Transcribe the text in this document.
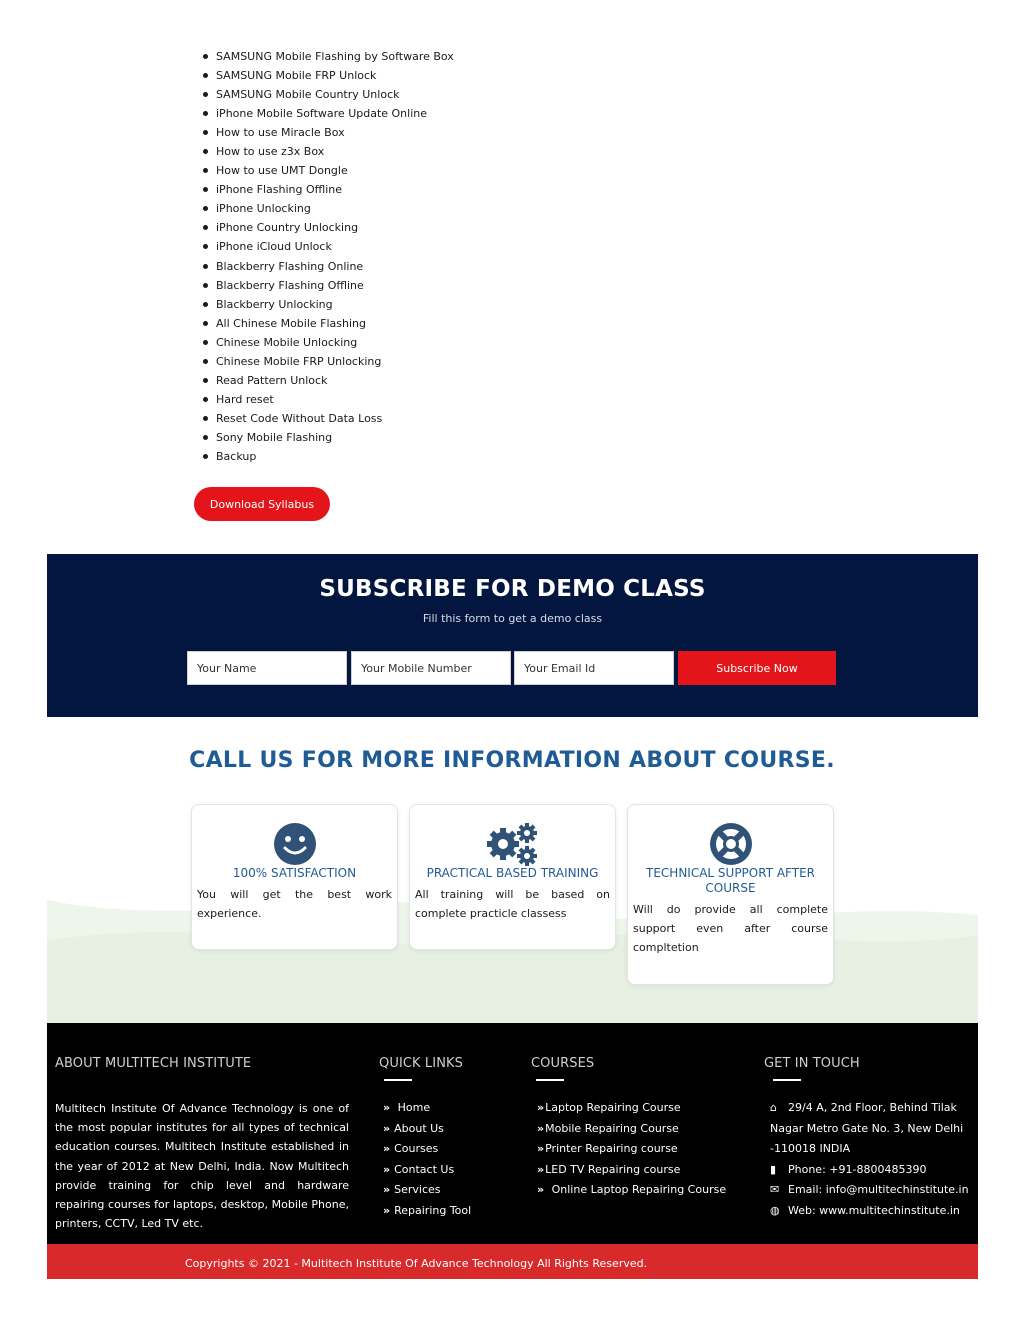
SAMSUNG Mobile Flashing by Software Box
SAMSUNG Mobile FRP Unlock
SAMSUNG Mobile Country Unlock
iPhone Mobile Software Update Online
How to use Miracle Box
How to use z3x Box
How to use UMT Dongle
iPhone Flashing Offline
iPhone Unlocking
iPhone Country Unlocking
iPhone iCloud Unlock
Blackberry Flashing Online
Blackberry Flashing Offline
Blackberry Unlocking
All Chinese Mobile Flashing
Chinese Mobile Unlocking
Chinese Mobile FRP Unlocking
Read Pattern Unlock
Hard reset
Reset Code Without Data Loss
Sony Mobile Flashing
Backup
Download Syllabus
SUBSCRIBE FOR DEMO CLASS

Fill this form to get a demo class

Your Name
Your Mobile Number
Your Email Id
Subscribe Now
CALL US FOR MORE INFORMATION ABOUT COURSE.
100% SATISFACTION
You will get the best work experience.
PRACTICAL BASED TRAINING
All training will be based on complete practicle classess
TECHNICAL SUPPORT AFTER COURSE
Will do provide all complete support even after course compltetion
ABOUT MULTITECH INSTITUTE
Multitech Institute Of Advance Technology is one of the most popular institutes for all types of technical education courses. Multitech Institute established in the year of 2012 at New Delhi, India. Now Multitech provide training for chip level and hardware repairing courses for laptops, desktop, Mobile Phone, printers, CCTV, Led TV etc.
QUICK LINKS
» Home
» About Us
» Courses
» Contact Us
» Services
» Repairing Tool
COURSES
»Laptop Repairing Course
»Mobile Repairing Course
»Printer Repairing course
»LED TV Repairing course
» Online Laptop Repairing Course
GET IN TOUCH
⌂ 29/4 A, 2nd Floor, Behind Tilak
Nagar Metro Gate No. 3, New Delhi
-110018 INDIA
▮ Phone: +91-8800485390
✉ Email: info@multitechinstitute.in
◍ Web: www.multitechinstitute.in
Copyrights © 2021 - Multitech Institute Of Advance Technology All Rights Reserved.
